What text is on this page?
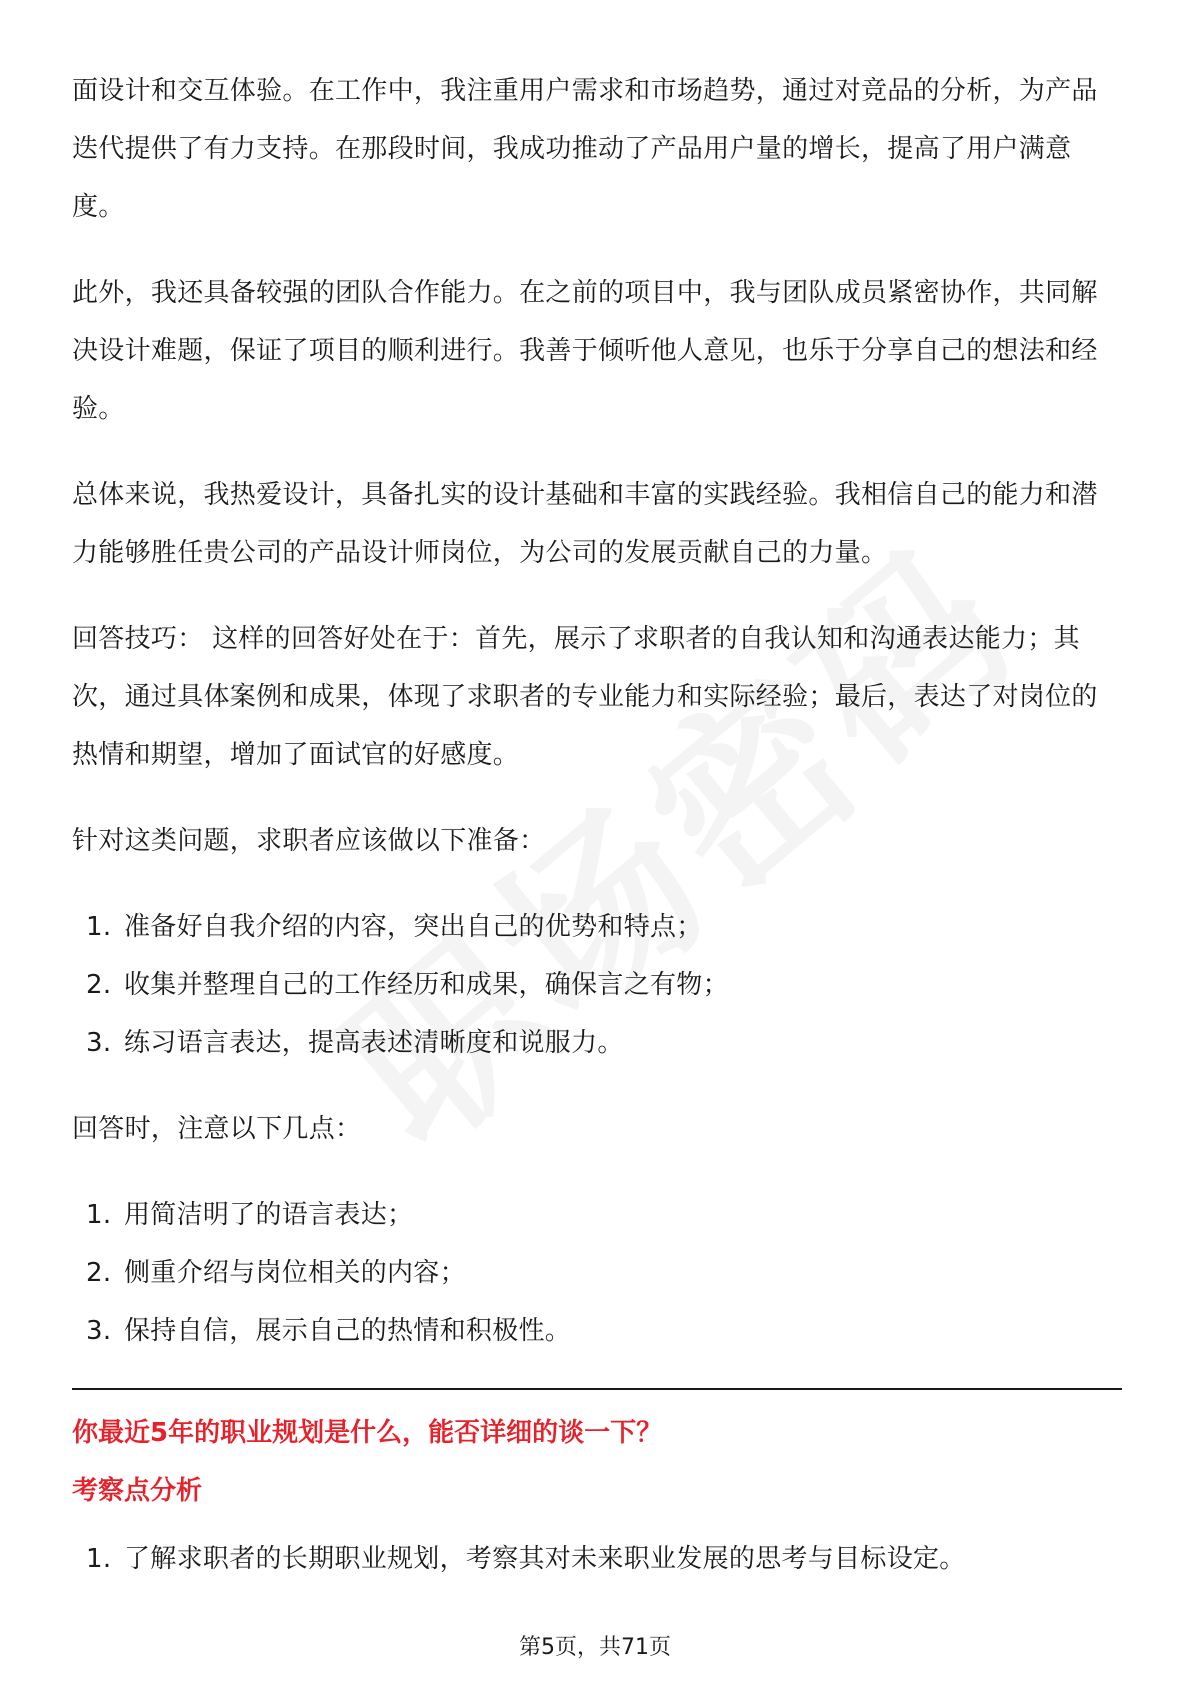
面设计和交互体验。在工作中，我注重用户需求和市场趋势，通过对竞品的分析，为产品迭代提供了有力支持。在那段时间，我成功推动了产品用户量的增长，提高了用户满意度。

此外，我还具备较强的团队合作能力。在之前的项目中，我与团队成员紧密协作，共同解决设计难题，保证了项目的顺利进行。我善于倾听他人意见，也乐于分享自己的想法和经验。

总体来说，我热爱设计，具备扎实的设计基础和丰富的实践经验。我相信自己的能力和潜力能够胜任贵公司的产品设计师岗位，为公司的发展贡献自己的力量。

回答技巧： 这样的回答好处在于：首先，展示了求职者的自我认知和沟通表达能力；其次，通过具体案例和成果，体现了求职者的专业能力和实际经验；最后，表达了对岗位的热情和期望，增加了面试官的好感度。

针对这类问题，求职者应该做以下准备：

1. 准备好自我介绍的内容，突出自己的优势和特点；
2. 收集并整理自己的工作经历和成果，确保言之有物；
3. 练习语言表达，提高表述清晰度和说服力。

回答时，注意以下几点：

1. 用简洁明了的语言表达；
2. 侧重介绍与岗位相关的内容；
3. 保持自信，展示自己的热情和积极性。

你最近5年的职业规划是什么，能否详细的谈一下？

考察点分析

1. 了解求职者的长期职业规划，考察其对未来职业发展的思考与目标设定。
第5页，共71页
